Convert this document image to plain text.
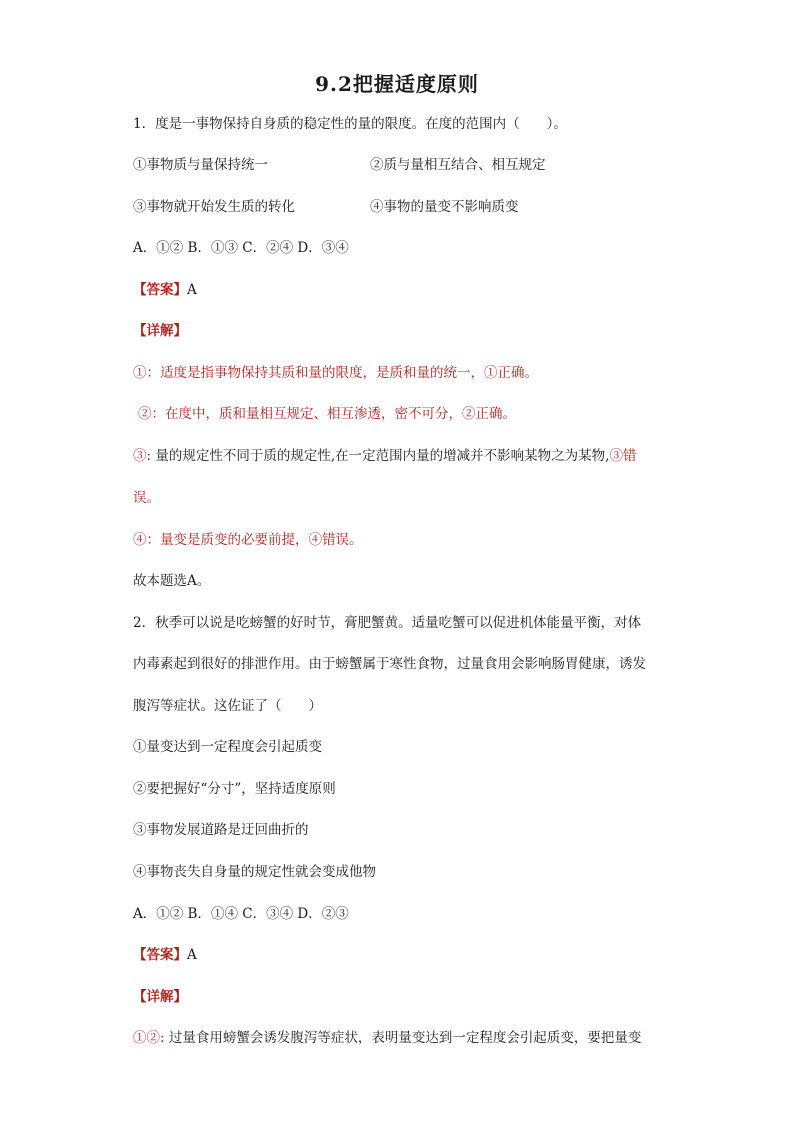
9.2把握适度原则
1．度是一事物保持自身质的稳定性的量的限度。在度的范围内（　　）。
①事物质与量保持统一	②质与量相互结合、相互规定
③事物就开始发生质的转化	④事物的量变不影响质变
A．①② B．①③ C．②④ D．③④
【答案】A
【详解】
①：适度是指事物保持其质和量的限度，是质和量的统一，①正确。
②：在度中，质和量相互规定、相互渗透，密不可分，②正确。
③: 量的规定性不同于质的规定性,在一定范围内量的增减并不影响某物之为某物,③错
误。
④：量变是质变的必要前提，④错误。
故本题选A。
2．秋季可以说是吃螃蟹的好时节，膏肥蟹黄。适量吃蟹可以促进机体能量平衡，对体
内毒素起到很好的排泄作用。由于螃蟹属于寒性食物，过量食用会影响肠胃健康，诱发
腹泻等症状。这佐证了（　　）
①量变达到一定程度会引起质变
②要把握好“分寸”，坚持适度原则
③事物发展道路是迂回曲折的
④事物丧失自身量的规定性就会变成他物
A．①② B．①④ C．③④ D．②③
【答案】A
【详解】
①②: 过量食用螃蟹会诱发腹泻等症状，表明量变达到一定程度会引起质变，要把量变
